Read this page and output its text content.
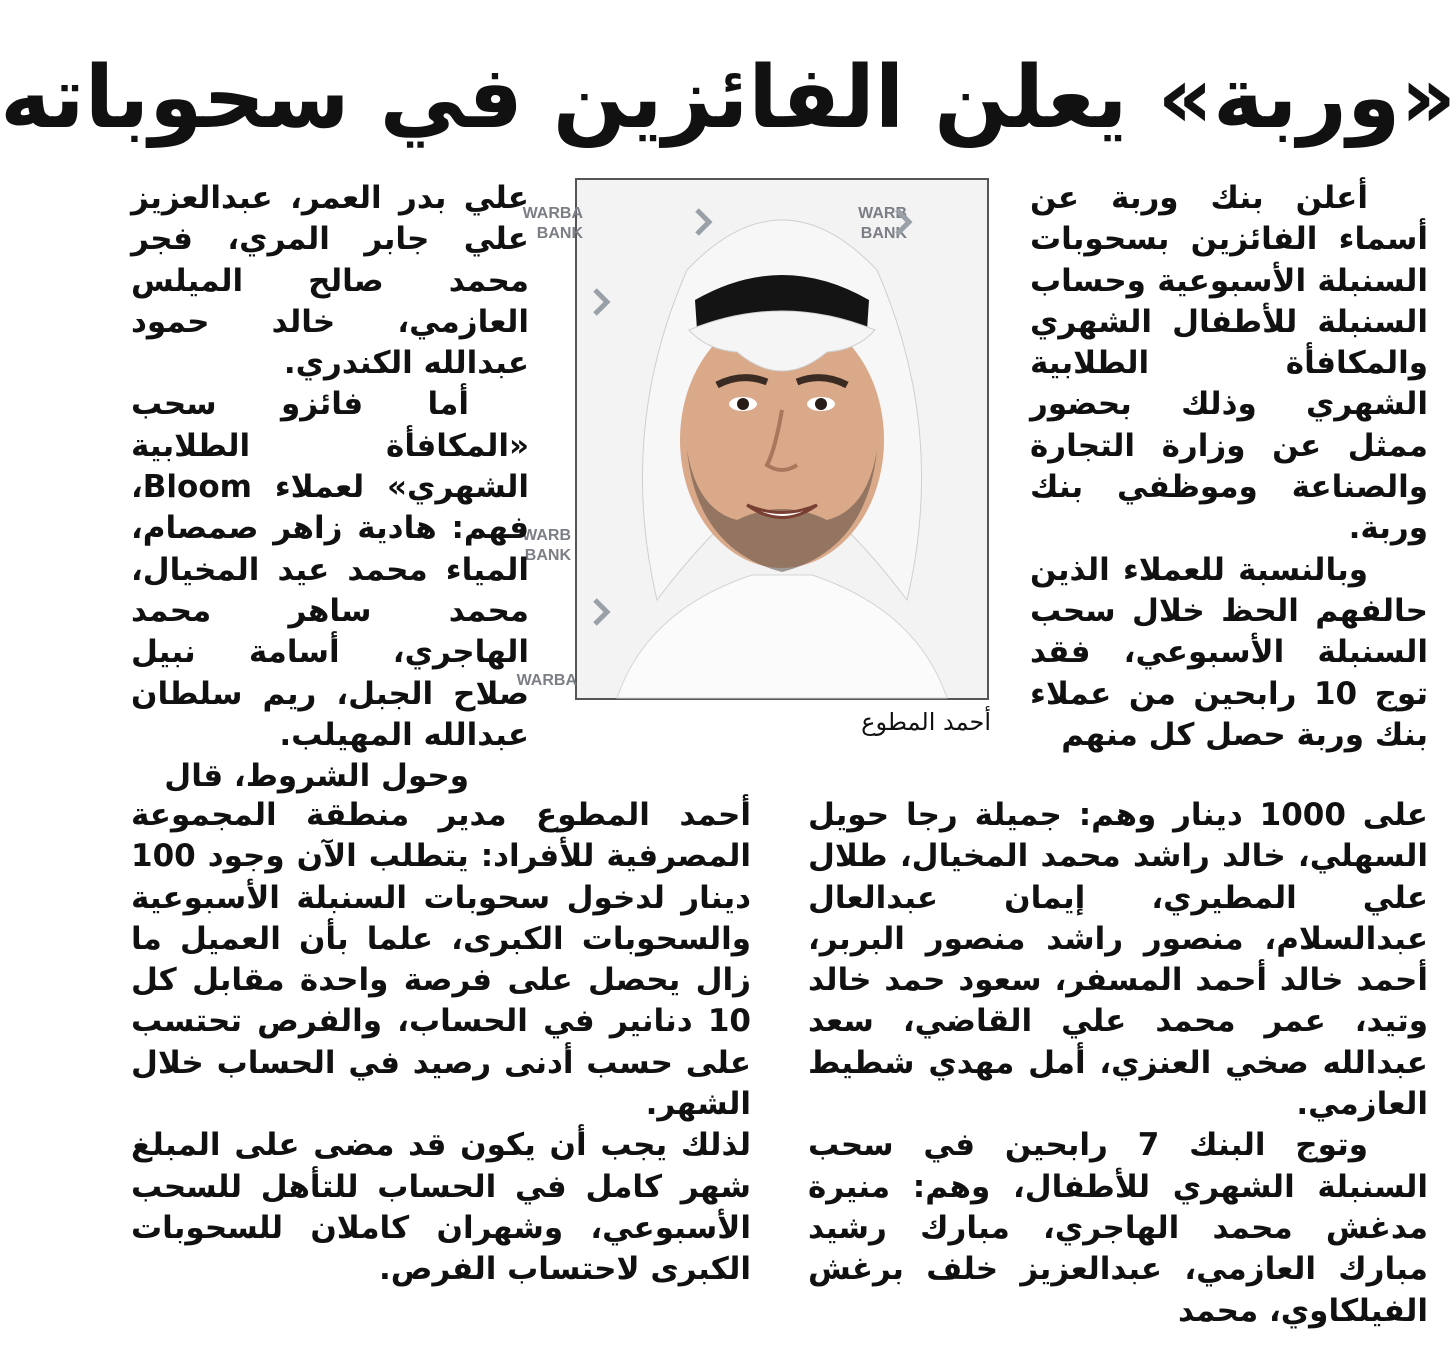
«وربة» يعلن الفائزين في سحوباته

أعلن بنك وربة عن أسماء الفائزين بسحوبات السنبلة الأسبوعية وحساب السنبلة للأطفال الشهري والمكافأة الطلابية الشهري وذلك بحضور ممثل عن وزارة التجارة والصناعة وموظفي بنك وربة.

وبالنسبة للعملاء الذين حالفهم الحظ خلال سحب السنبلة الأسبوعي، فقد توج 10 رابحين من عملاء بنك وربة حصل كل منهم

WARBA
BANK
WARB
BANK
WARB
BANK
WARBA
أحمد المطوع

علي بدر العمر، عبدالعزيز علي جابر المري، فجر محمد صالح الميلس العازمي، خالد حمود عبدالله الكندري.

أما فائزو سحب «المكافأة الطلابية الشهري» لعملاء Bloom، فهم: هادية زاهر صمصام، المياء محمد عيد المخيال، محمد ساهر محمد الهاجري، أسامة نبيل صلاح الجبل، ريم سلطان عبدالله المهيلب.

وحول الشروط، قال

على 1000 دينار وهم: جميلة رجا حويل السهلي، خالد راشد محمد المخيال، طلال علي المطيري، إيمان عبدالعال عبدالسلام، منصور راشد منصور البربر، أحمد خالد أحمد المسفر، سعود حمد خالد وتيد، عمر محمد علي القاضي، سعد عبدالله صخي العنزي، أمل مهدي شطيط العازمي.

وتوج البنك 7 رابحين في سحب السنبلة الشهري للأطفال، وهم: منيرة مدغش محمد الهاجري، مبارك رشيد مبارك العازمي، عبدالعزيز خلف برغش الفيلكاوي، محمد

أحمد المطوع مدير منطقة المجموعة المصرفية للأفراد: يتطلب الآن وجود 100 دينار لدخول سحوبات السنبلة الأسبوعية والسحوبات الكبرى، علما بأن العميل ما زال يحصل على فرصة واحدة مقابل كل 10 دنانير في الحساب، والفرص تحتسب على حسب أدنى رصيد في الحساب خلال الشهر.

لذلك يجب أن يكون قد مضى على المبلغ شهر كامل في الحساب للتأهل للسحب الأسبوعي، وشهران كاملان للسحوبات الكبرى لاحتساب الفرص.
